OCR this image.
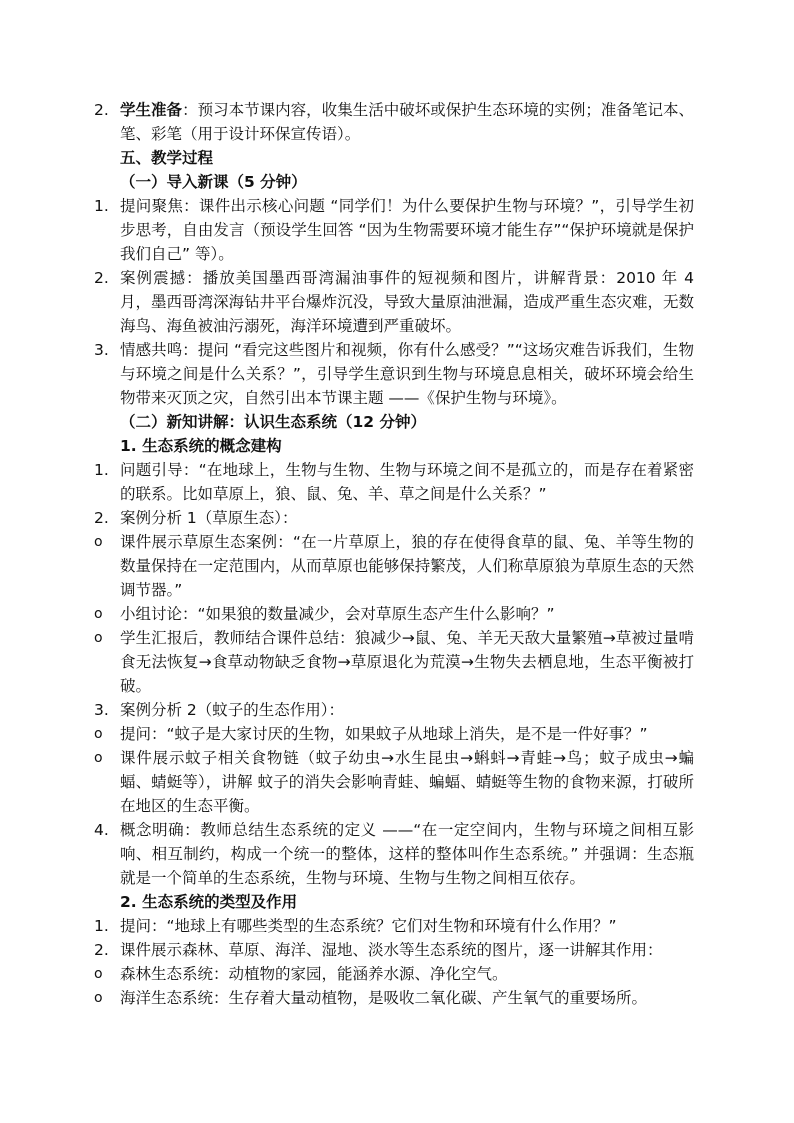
2. 学生准备：预习本节课内容，收集生活中破坏或保护生态环境的实例；准备笔记本、笔、彩笔（用于设计环保宣传语）。

五、教学过程

（一）导入新课（5 分钟）

1. 提问聚焦：课件出示核心问题 “同学们！为什么要保护生物与环境？”，引导学生初步思考，自由发言（预设学生回答 “因为生物需要环境才能生存”“保护环境就是保护我们自己” 等）。

2. 案例震撼：播放美国墨西哥湾漏油事件的短视频和图片，讲解背景：2010 年 4 月，墨西哥湾深海钻井平台爆炸沉没，导致大量原油泄漏，造成严重生态灾难，无数海鸟、海鱼被油污溺死，海洋环境遭到严重破坏。

3. 情感共鸣：提问 “看完这些图片和视频，你有什么感受？”“这场灾难告诉我们，生物与环境之间是什么关系？”，引导学生意识到生物与环境息息相关，破坏环境会给生物带来灭顶之灾，自然引出本节课主题 ——《保护生物与环境》。

（二）新知讲解：认识生态系统（12 分钟）

1. 生态系统的概念建构

1. 问题引导：“在地球上，生物与生物、生物与环境之间不是孤立的，而是存在着紧密的联系。比如草原上，狼、鼠、兔、羊、草之间是什么关系？”

2. 案例分析 1（草原生态）：

o	课件展示草原生态案例：“在一片草原上，狼的存在使得食草的鼠、兔、羊等生物的数量保持在一定范围内，从而草原也能够保持繁茂，人们称草原狼为草原生态的天然调节器。”

o	小组讨论：“如果狼的数量减少，会对草原生态产生什么影响？”

o	学生汇报后，教师结合课件总结：狼减少→鼠、兔、羊无天敌大量繁殖→草被过量啃食无法恢复→食草动物缺乏食物→草原退化为荒漠→生物失去栖息地，生态平衡被打破。

3. 案例分析 2（蚊子的生态作用）：

o	提问：“蚊子是大家讨厌的生物，如果蚊子从地球上消失，是不是一件好事？”

o	课件展示蚊子相关食物链（蚊子幼虫→水生昆虫→蝌蚪→青蛙→鸟；蚊子成虫→蝙蝠、蜻蜓等），讲解 蚊子的消失会影响青蛙、蝙蝠、蜻蜓等生物的食物来源，打破所在地区的生态平衡。

4. 概念明确：教师总结生态系统的定义 ——“在一定空间内，生物与环境之间相互影响、相互制约，构成一个统一的整体，这样的整体叫作生态系统。” 并强调：生态瓶就是一个简单的生态系统，生物与环境、生物与生物之间相互依存。

2. 生态系统的类型及作用

1. 提问：“地球上有哪些类型的生态系统？它们对生物和环境有什么作用？”

2. 课件展示森林、草原、海洋、湿地、淡水等生态系统的图片，逐一讲解其作用：

o	森林生态系统：动植物的家园，能涵养水源、净化空气。

o	海洋生态系统：生存着大量动植物，是吸收二氧化碳、产生氧气的重要场所。
